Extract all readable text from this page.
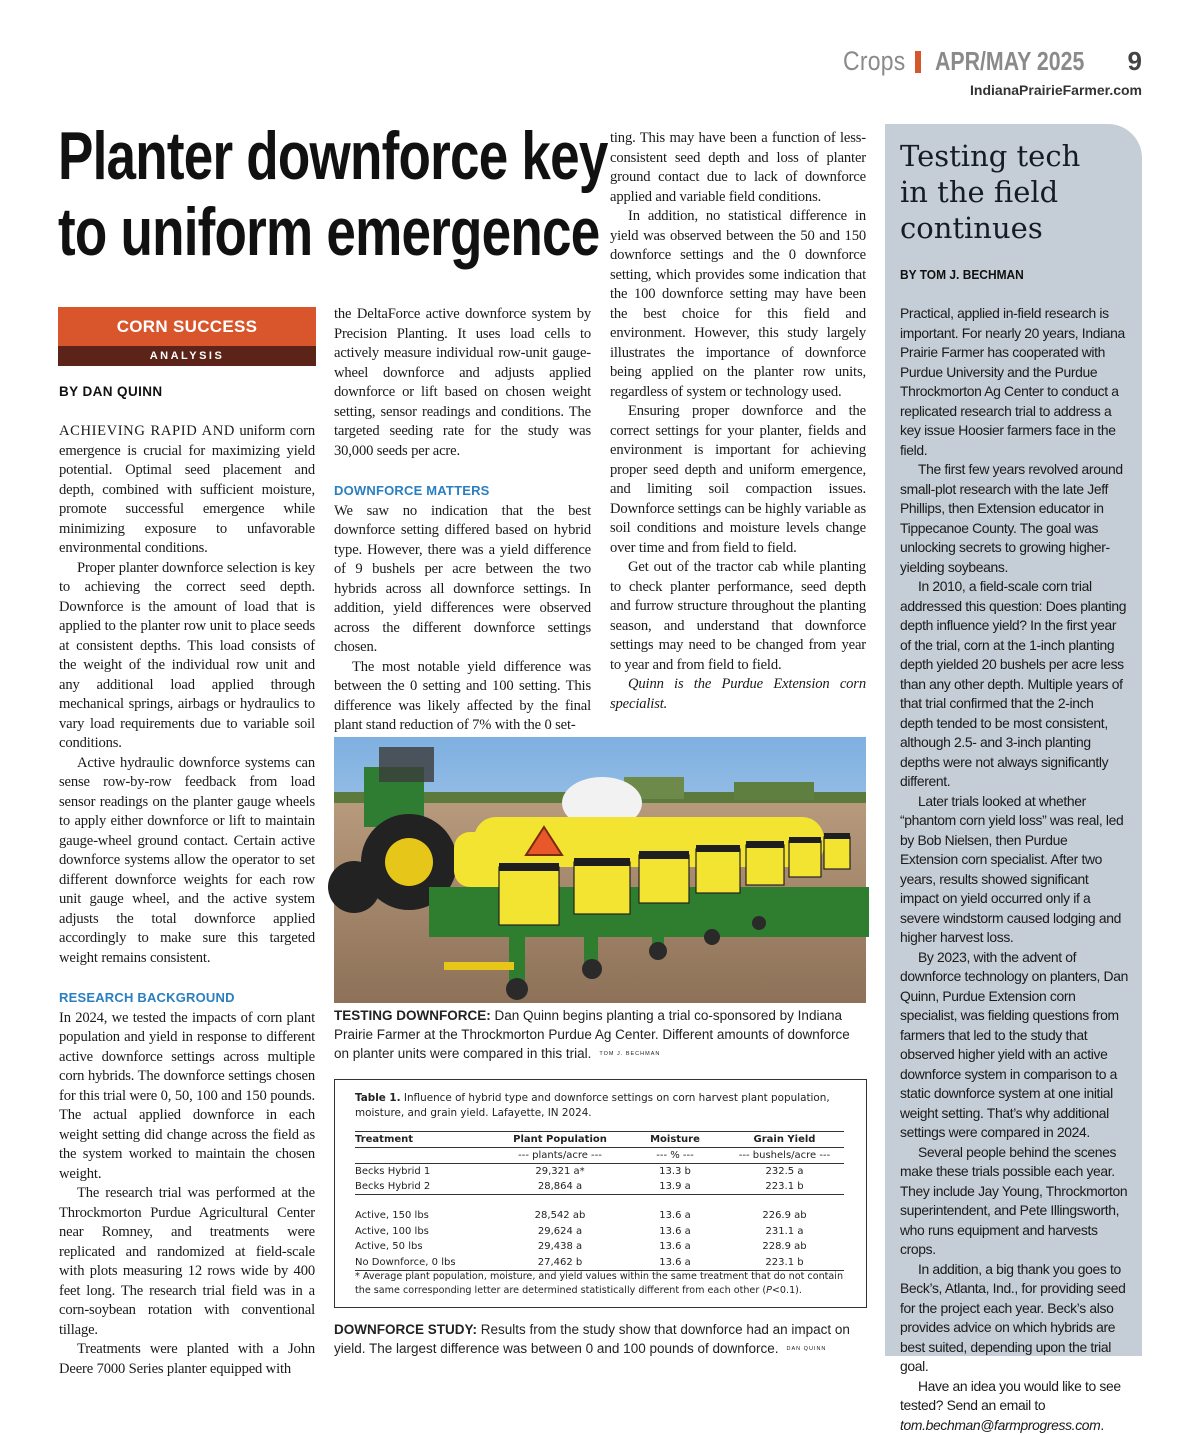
Crops APR/MAY 2025 9
IndianaPrairieFarmer.com
Planter downforce key
to uniform emergence
CORN SUCCESS
ANALYSIS
BY DAN QUINN

ACHIEVING RAPID AND uniform corn emergence is crucial for maximizing yield potential. Optimal seed placement and depth, combined with sufficient moisture, promote successful emergence while minimizing exposure to unfavorable environmental conditions.

Proper planter downforce selection is key to achieving the correct seed depth. Downforce is the amount of load that is applied to the planter row unit to place seeds at consistent depths. This load consists of the weight of the individual row unit and any additional load applied through mechanical springs, airbags or hydraulics to vary load requirements due to variable soil conditions.

Active hydraulic downforce systems can sense row-by-row feedback from load sensor readings on the planter gauge wheels to apply either downforce or lift to maintain gauge-wheel ground contact. Certain active downforce systems allow the operator to set different downforce weights for each row unit gauge wheel, and the active system adjusts the total downforce applied accordingly to make sure this targeted weight remains consistent.

RESEARCH BACKGROUND

In 2024, we tested the impacts of corn plant population and yield in response to different active downforce settings across multiple corn hybrids. The downforce settings chosen for this trial were 0, 50, 100 and 150 pounds. The actual applied downforce in each weight setting did change across the field as the system worked to maintain the chosen weight.

The research trial was performed at the Throckmorton Purdue Agricultural Center near Romney, and treatments were replicated and randomized at field-scale with plots measuring 12 rows wide by 400 feet long. The research trial field was in a corn-soybean rotation with conventional tillage.

Treatments were planted with a John Deere 7000 Series planter equipped with

the DeltaForce active downforce system by Precision Planting. It uses load cells to actively measure individual row-unit gauge-wheel downforce and adjusts applied downforce or lift based on chosen weight setting, sensor readings and conditions. The targeted seeding rate for the study was 30,000 seeds per acre.

DOWNFORCE MATTERS

We saw no indication that the best downforce setting differed based on hybrid type. However, there was a yield difference of 9 bushels per acre between the two hybrids across all downforce settings. In addition, yield differences were observed across the different downforce settings chosen.

The most notable yield difference was between the 0 setting and 100 setting. This difference was likely affected by the final plant stand reduction of 7% with the 0 set-

ting. This may have been a function of less-consistent seed depth and loss of planter ground contact due to lack of downforce applied and variable field conditions.

In addition, no statistical difference in yield was observed between the 50 and 150 downforce settings and the 0 downforce setting, which provides some indication that the 100 downforce setting may have been the best choice for this field and environment. However, this study largely illustrates the importance of downforce being applied on the planter row units, regardless of system or technology used.

Ensuring proper downforce and the correct settings for your planter, fields and environment is important for achieving proper seed depth and uniform emergence, and limiting soil compaction issues. Downforce settings can be highly variable as soil conditions and moisture levels change over time and from field to field.

Get out of the tractor cab while planting to check planter performance, seed depth and furrow structure throughout the planting season, and understand that downforce settings may need to be changed from year to year and from field to field.

Quinn is the Purdue Extension corn specialist.

TESTING DOWNFORCE: Dan Quinn begins planting a trial co-sponsored by Indiana Prairie Farmer at the Throckmorton Purdue Ag Center. Different amounts of downforce on planter units were compared in this trial. TOM J. BECHMAN
Table 1. Influence of hybrid type and downforce settings on corn harvest plant population, moisture, and grain yield. Lafayette, IN 2024.
Treatment	Plant Population	Moisture	Grain Yield
	--- plants/acre ---	--- % ---	--- bushels/acre ---
Becks Hybrid 1	29,321 a*	13.3 b	232.5 a
Becks Hybrid 2	28,864 a	13.9 a	223.1 b

Active, 150 lbs	28,542 ab	13.6 a	226.9 ab
Active, 100 lbs	29,624 a	13.6 a	231.1 a
Active, 50 lbs	29,438 a	13.6 a	228.9 ab
No Downforce, 0 lbs	27,462 b	13.6 a	223.1 b
* Average plant population, moisture, and yield values within the same treatment that do not contain the same corresponding letter are determined statistically different from each other (P<0.1).
DOWNFORCE STUDY: Results from the study show that downforce had an impact on yield. The largest difference was between 0 and 100 pounds of downforce. DAN QUINN
Testing tech
in the field
continues
BY TOM J. BECHMAN

Practical, applied in-field research is important. For nearly 20 years, Indiana Prairie Farmer has cooperated with Purdue University and the Purdue Throckmorton Ag Center to conduct a replicated research trial to address a key issue Hoosier farmers face in the field.

The first few years revolved around small-plot research with the late Jeff Phillips, then Extension educator in Tippecanoe County. The goal was unlocking secrets to growing higher-yielding soybeans.

In 2010, a field-scale corn trial addressed this question: Does planting depth influence yield? In the first year of the trial, corn at the 1-inch planting depth yielded 20 bushels per acre less than any other depth. Multiple years of that trial confirmed that the 2-inch depth tended to be most consistent, although 2.5- and 3-inch planting depths were not always significantly different.

Later trials looked at whether “phantom corn yield loss” was real, led by Bob Nielsen, then Purdue Extension corn specialist. After two years, results showed significant impact on yield occurred only if a severe windstorm caused lodging and higher harvest loss.

By 2023, with the advent of downforce technology on planters, Dan Quinn, Purdue Extension corn specialist, was fielding questions from farmers that led to the study that observed higher yield with an active downforce system in comparison to a static downforce system at one initial weight setting. That’s why additional settings were compared in 2024.

Several people behind the scenes make these trials possible each year. They include Jay Young, Throckmorton superintendent, and Pete Illingsworth, who runs equipment and harvests crops.

In addition, a big thank you goes to Beck’s, Atlanta, Ind., for providing seed for the project each year. Beck’s also provides advice on which hybrids are best suited, depending upon the trial goal.

Have an idea you would like to see tested? Send an email to tom.bechman@farmprogress.com.
